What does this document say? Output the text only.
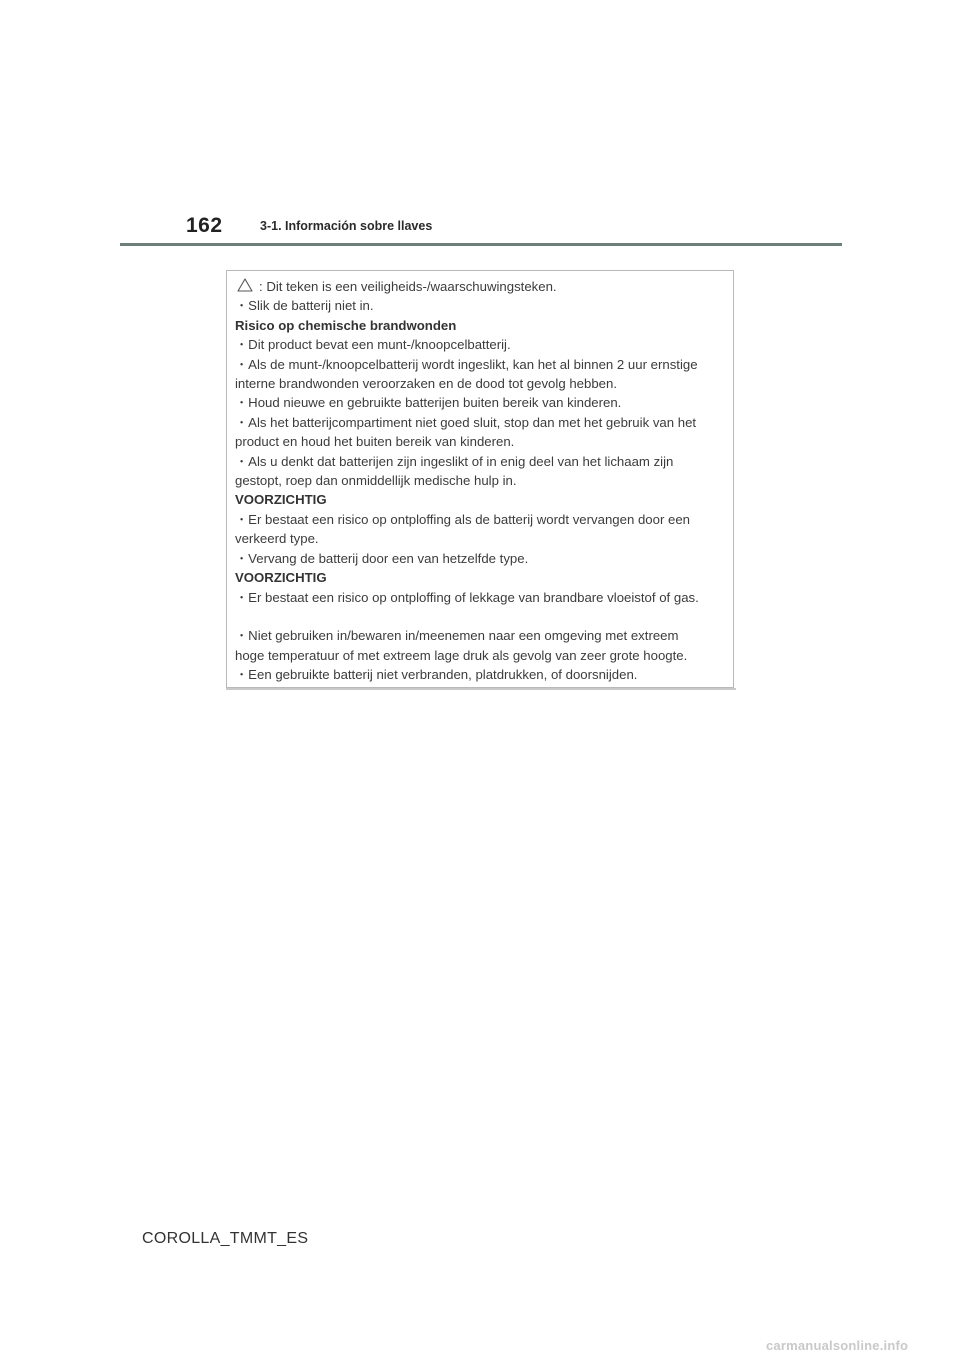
162	3-1. Información sobre llaves
: Dit teken is een veiligheids-/waarschuwingsteken.
・Slik de batterij niet in.
Risico op chemische brandwonden
・Dit product bevat een munt-/knoopcelbatterij.
・Als de munt-/knoopcelbatterij wordt ingeslikt, kan het al binnen 2 uur ernstige
interne brandwonden veroorzaken en de dood tot gevolg hebben.
・Houd nieuwe en gebruikte batterijen buiten bereik van kinderen.
・Als het batterijcompartiment niet goed sluit, stop dan met het gebruik van het
product en houd het buiten bereik van kinderen.
・Als u denkt dat batterijen zijn ingeslikt of in enig deel van het lichaam zijn
gestopt, roep dan onmiddellijk medische hulp in.
VOORZICHTIG
・Er bestaat een risico op ontploffing als de batterij wordt vervangen door een
verkeerd type.
・Vervang de batterij door een van hetzelfde type.
VOORZICHTIG
・Er bestaat een risico op ontploffing of lekkage van brandbare vloeistof of gas.
・Niet gebruiken in/bewaren in/meenemen naar een omgeving met extreem
hoge temperatuur of met extreem lage druk als gevolg van zeer grote hoogte.
・Een gebruikte batterij niet verbranden, platdrukken, of doorsnijden.
COROLLA_TMMT_ES
carmanualsonline.info
